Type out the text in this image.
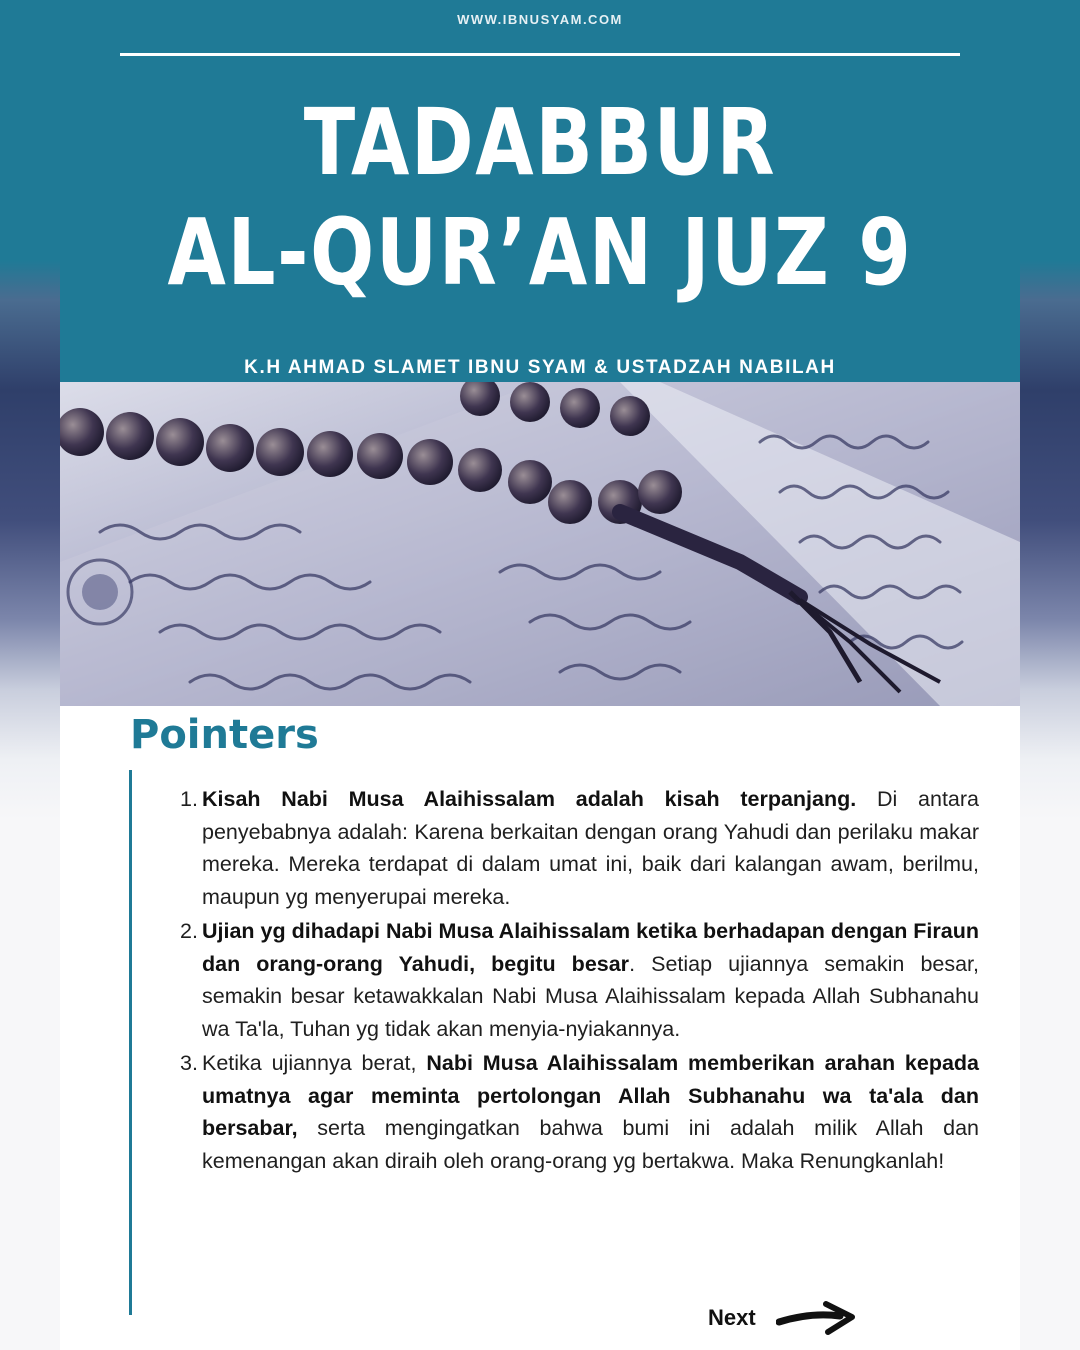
WWW.IBNUSYAM.COM
TADABBUR
AL-QUR’AN JUZ 9
K.H AHMAD SLAMET IBNU SYAM & USTADZAH NABILAH
Pointers
1. Kisah Nabi Musa Alaihissalam adalah kisah terpanjang. Di antara penyebabnya adalah: Karena berkaitan dengan orang Yahudi dan perilaku makar mereka. Mereka terdapat di dalam umat ini, baik dari kalangan awam, berilmu, maupun yg menyerupai mereka.
2. Ujian yg dihadapi Nabi Musa Alaihissalam ketika berhadapan dengan Firaun dan orang-orang Yahudi, begitu besar. Setiap ujiannya semakin besar, semakin besar ketawakkalan Nabi Musa Alaihissalam kepada Allah Subhanahu wa Ta'la, Tuhan yg tidak akan menyia-nyiakannya.
3. Ketika ujiannya berat, Nabi Musa Alaihissalam memberikan arahan kepada umatnya agar meminta pertolongan Allah Subhanahu wa ta'ala dan bersabar, serta mengingatkan bahwa bumi ini adalah milik Allah dan kemenangan akan diraih oleh orang-orang yg bertakwa. Maka Renungkanlah!
Next
